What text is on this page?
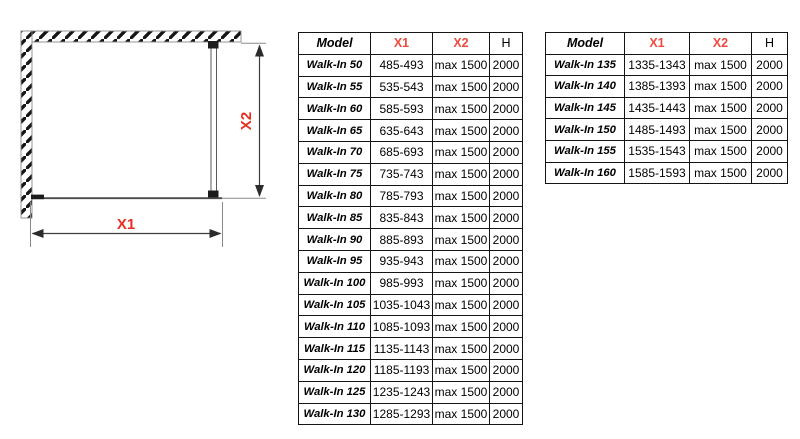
X1
X2
Model	X1	X2	H
Walk-In 50	485-493	max 1500	2000
Walk-In 55	535-543	max 1500	2000
Walk-In 60	585-593	max 1500	2000
Walk-In 65	635-643	max 1500	2000
Walk-In 70	685-693	max 1500	2000
Walk-In 75	735-743	max 1500	2000
Walk-In 80	785-793	max 1500	2000
Walk-In 85	835-843	max 1500	2000
Walk-In 90	885-893	max 1500	2000
Walk-In 95	935-943	max 1500	2000
Walk-In 100	985-993	max 1500	2000
Walk-In 105	1035-1043	max 1500	2000
Walk-In 110	1085-1093	max 1500	2000
Walk-In 115	1135-1143	max 1500	2000
Walk-In 120	1185-1193	max 1500	2000
Walk-In 125	1235-1243	max 1500	2000
Walk-In 130	1285-1293	max 1500	2000
Model	X1	X2	H
Walk-In 135	1335-1343	max 1500	2000
Walk-In 140	1385-1393	max 1500	2000
Walk-In 145	1435-1443	max 1500	2000
Walk-In 150	1485-1493	max 1500	2000
Walk-In 155	1535-1543	max 1500	2000
Walk-In 160	1585-1593	max 1500	2000
